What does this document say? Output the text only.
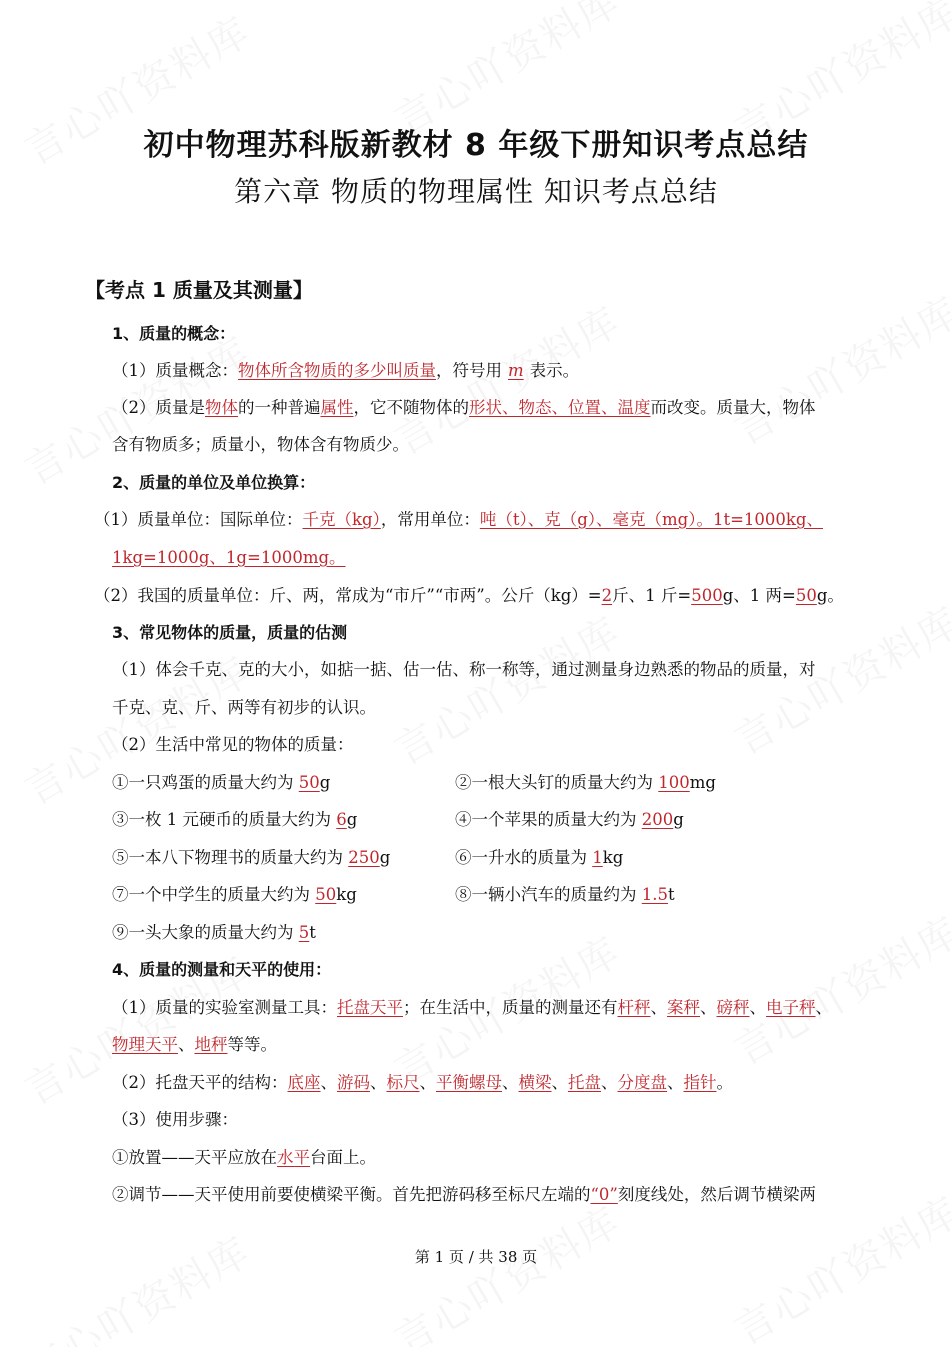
初中物理苏科版新教材 8 年级下册知识考点总结
第六章 物质的物理属性 知识考点总结
【考点 1 质量及其测量】
1、质量的概念：
（1）质量概念：物体所含物质的多少叫质量，符号用 m 表示。
（2）质量是物体的一种普遍属性，它不随物体的形状、物态、位置、温度而改变。质量大，物体
含有物质多；质量小，物体含有物质少。
2、质量的单位及单位换算：
（1）质量单位：国际单位：千克（kg），常用单位：吨（t）、克（g）、毫克（mg）。1t=1000kg、
1kg=1000g、1g=1000mg。
（2）我国的质量单位：斤、两，常成为“市斤”“市两”。公斤（kg）=2斤、1 斤=500g、1 两=50g。
3、常见物体的质量，质量的估测
（1）体会千克、克的大小，如掂一掂、估一估、称一称等，通过测量身边熟悉的物品的质量，对
千克、克、斤、两等有初步的认识。
（2）生活中常见的物体的质量：
①一只鸡蛋的质量大约为 50g	②一根大头钉的质量大约为 100mg
③一枚 1 元硬币的质量大约为 6g	④一个苹果的质量大约为 200g
⑤一本八下物理书的质量大约为 250g	⑥一升水的质量为 1kg
⑦一个中学生的质量大约为 50kg	⑧一辆小汽车的质量约为 1.5t
⑨一头大象的质量大约为 5t
4、质量的测量和天平的使用：
（1）质量的实验室测量工具：托盘天平；在生活中，质量的测量还有杆秤、案秤、磅秤、电子秤、
物理天平、地秤等等。
（2）托盘天平的结构：底座、游码、标尺、平衡螺母、横梁、托盘、分度盘、指针。
（3）使用步骤：
①放置——天平应放在水平台面上。
②调节——天平使用前要使横梁平衡。首先把游码移至标尺左端的“0”刻度线处，然后调节横梁两
第 1 页 / 共 38 页
